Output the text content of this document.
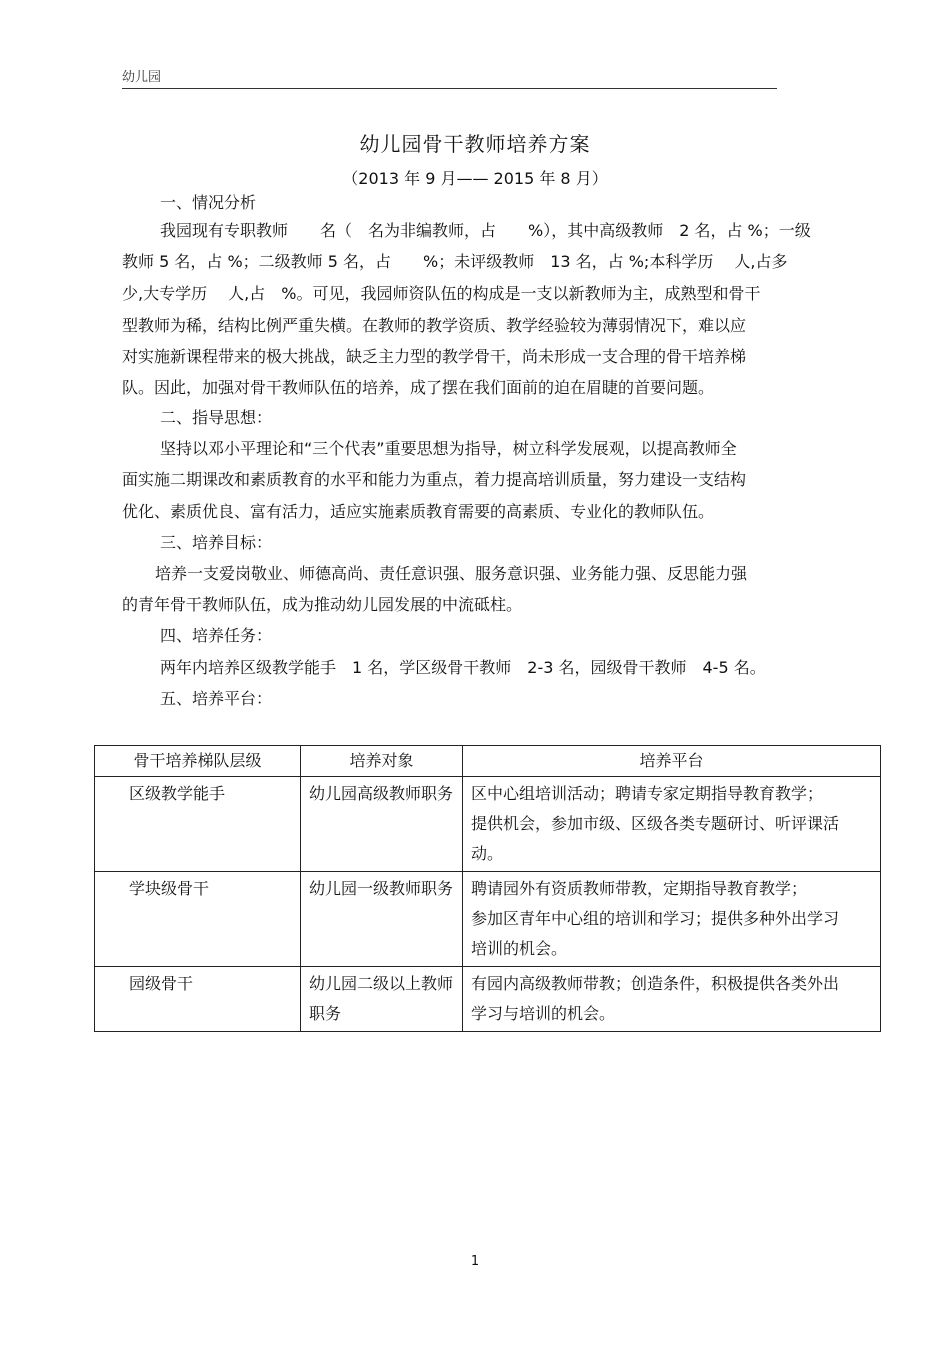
幼儿园
幼儿园骨干教师培养方案
（2013 年 9 月—— 2015 年 8 月）
一、情况分析
我园现有专职教师　　名（　名为非编教师，占　　%），其中高级教师　2 名，占 %；一级
教师 5 名，占 %；二级教师 5 名，占　　%；未评级教师　13 名，占 %;本科学历　 人,占多
少,大专学历　 人,占　%。可见，我园师资队伍的构成是一支以新教师为主，成熟型和骨干
型教师为稀，结构比例严重失横。在教师的教学资质、教学经验较为薄弱情况下，难以应
对实施新课程带来的极大挑战，缺乏主力型的教学骨干，尚未形成一支合理的骨干培养梯
队。因此，加强对骨干教师队伍的培养，成了摆在我们面前的迫在眉睫的首要问题。
二、指导思想：
坚持以邓小平理论和“三个代表”重要思想为指导，树立科学发展观，以提高教师全
面实施二期课改和素质教育的水平和能力为重点，着力提高培训质量，努力建设一支结构
优化、素质优良、富有活力，适应实施素质教育需要的高素质、专业化的教师队伍。
三、培养目标：
培养一支爱岗敬业、师德高尚、责任意识强、服务意识强、业务能力强、反思能力强
的青年骨干教师队伍，成为推动幼儿园发展的中流砥柱。
四、培养任务：
两年内培养区级教学能手　1 名，学区级骨干教师　2-3 名，园级骨干教师　4-5 名。
五、培养平台：
骨干培养梯队层级	培养对象	培养平台
区级教学能手	幼儿园高级教师职务	区中心组培训活动；聘请专家定期指导教育教学；
提供机会，参加市级、区级各类专题研讨、听评课活
动。

学块级骨干	幼儿园一级教师职务	聘请园外有资质教师带教，定期指导教育教学；
参加区青年中心组的培训和学习；提供多种外出学习
培训的机会。

园级骨干	幼儿园二级以上教师职务	有园内高级教师带教；创造条件，积极提供各类外出
学习与培训的机会。
1
